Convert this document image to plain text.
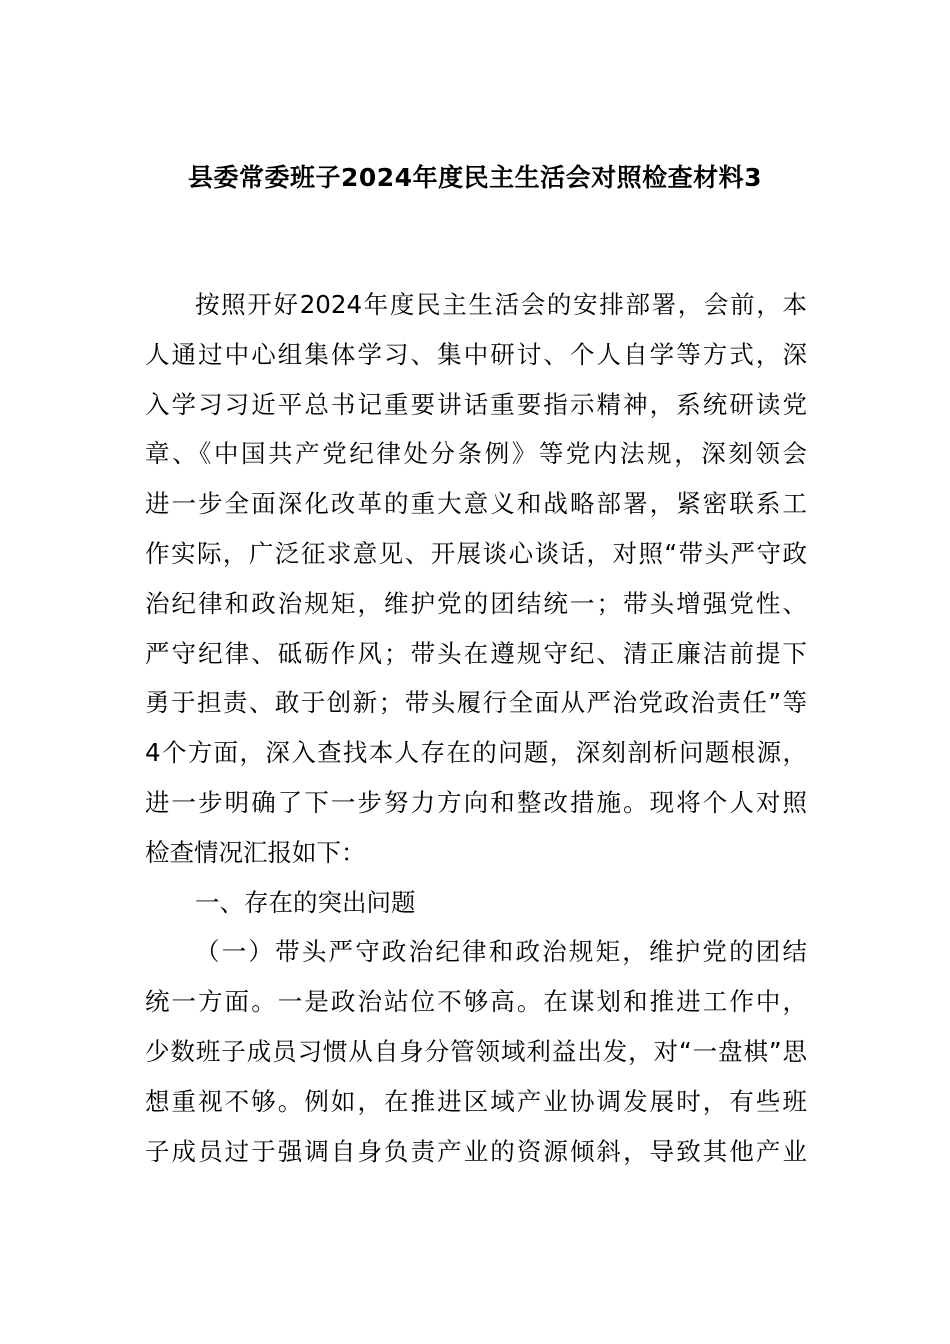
县委常委班子2024年度民主生活会对照检查材料3
按照开好2024年度民主生活会的安排部署，会前，本
人通过中心组集体学习、集中研讨、个人自学等方式，深
入学习习近平总书记重要讲话重要指示精神，系统研读党
章、《中国共产党纪律处分条例》等党内法规，深刻领会
进一步全面深化改革的重大意义和战略部署，紧密联系工
作实际，广泛征求意见、开展谈心谈话，对照“带头严守政
治纪律和政治规矩，维护党的团结统一；带头增强党性、
严守纪律、砥砺作风；带头在遵规守纪、清正廉洁前提下
勇于担责、敢于创新；带头履行全面从严治党政治责任”等
4个方面，深入查找本人存在的问题，深刻剖析问题根源，
进一步明确了下一步努力方向和整改措施。现将个人对照
检查情况汇报如下：
一、存在的突出问题
（一）带头严守政治纪律和政治规矩，维护党的团结
统一方面。一是政治站位不够高。在谋划和推进工作中，
少数班子成员习惯从自身分管领域利益出发，对“一盘棋”思
想重视不够。例如，在推进区域产业协调发展时，有些班
子成员过于强调自身负责产业的资源倾斜，导致其他产业
